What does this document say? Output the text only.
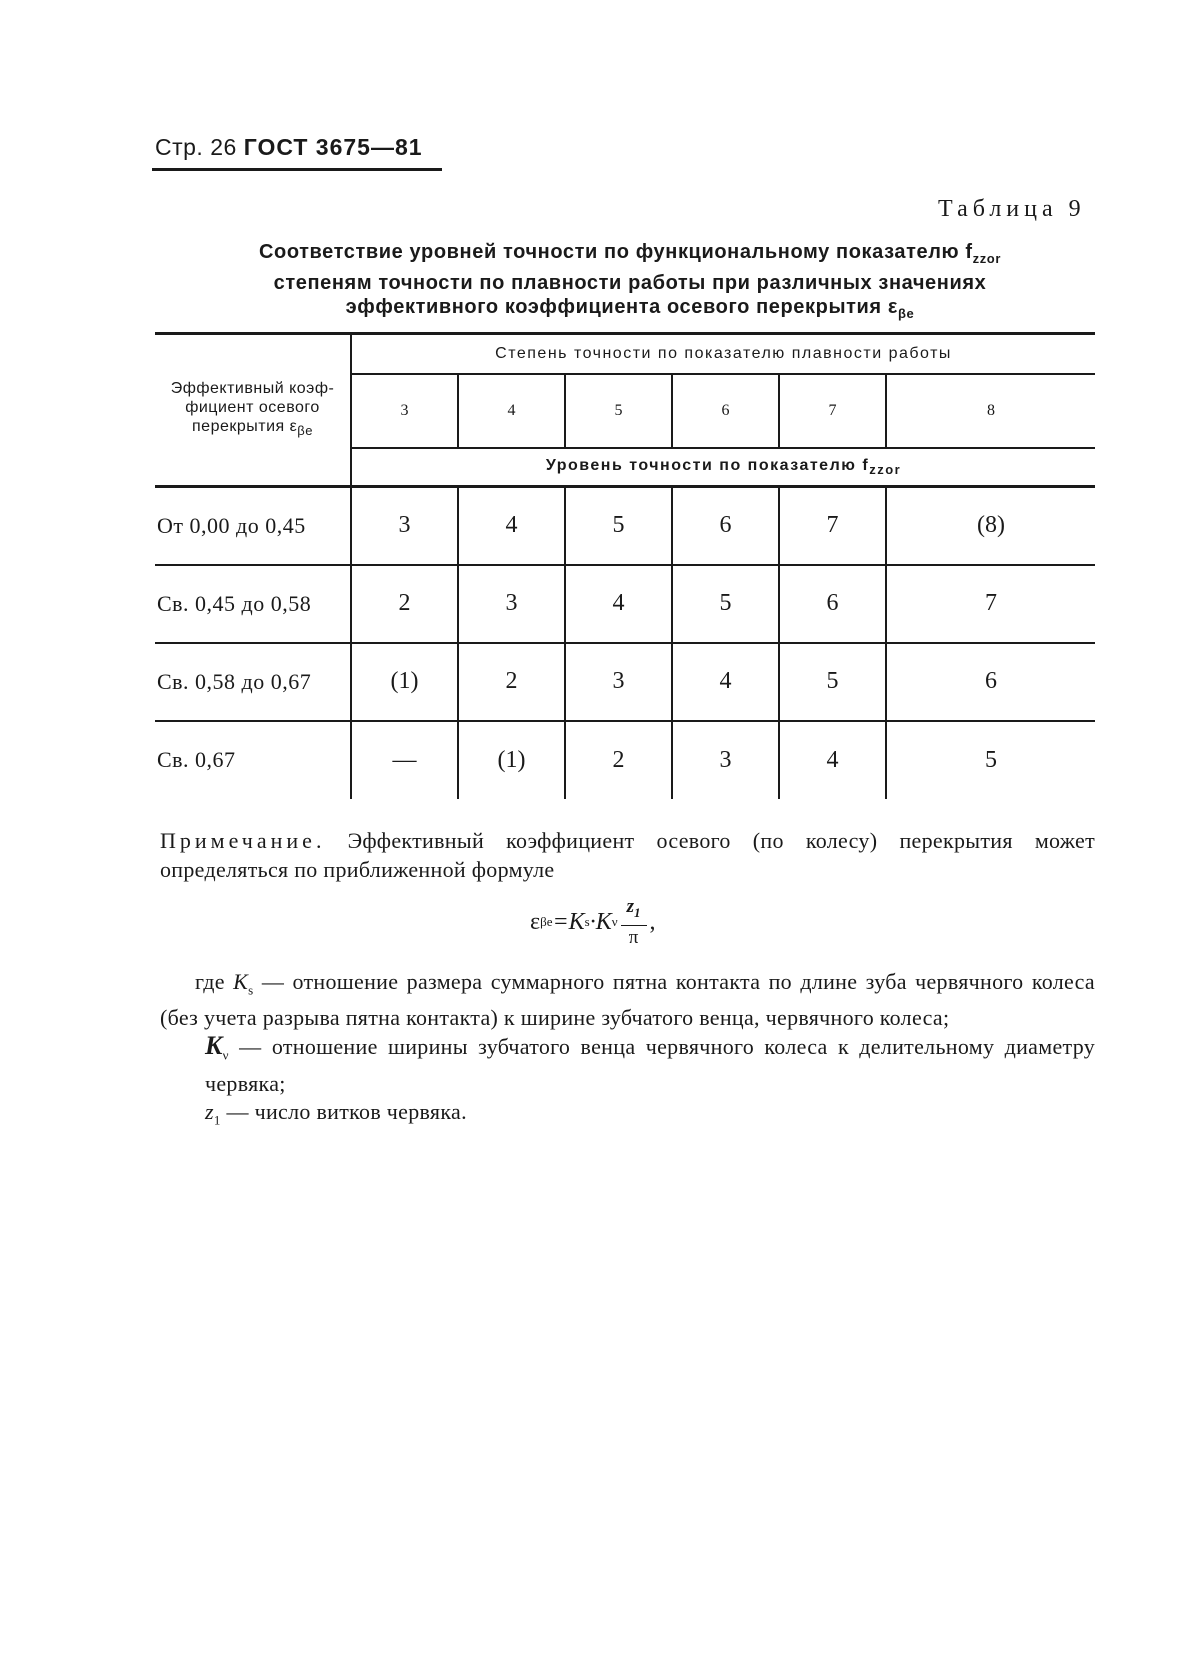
Стр. 26 ГОСТ 3675—81
Таблица 9
Соответствие уровней точности по функциональному показателю $f_{zzor}$
степеням точности по плавности работы при различных значениях
эффективного коэффициента осевого перекрытия $\varepsilon_{\beta e}$
Эффективный коэф-фициент осевого перекрытия $\varepsilon_{\beta e}$	Степень точности по показателю плавности работы					
	3	4	5	6	7	8
	Уровень точности по показателю $f_{zzor}$
От 0,00 до 0,45	3	4	5	6	7	(8)
Св. 0,45 до 0,58	2	3	4	5	6	7
Св. 0,58 до 0,67	(1)	2	3	4	5	6
Св. 0,67	—	(1)	2	3	4	5

Примечание. Эффективный коэффициент осевого (по колесу) перекрытия может определяться по приближенной формуле

ε βe =K s ·K ν $\frac{z_1}{\pi}$ ,

где $K_s$ — отношение размера суммарного пятна контакта по длине зуба червячного колеса (без учета разрыва пятна контакта) к ширине зубчатого венца, червячного колеса;

$K_\nu$ — отношение ширины зубчатого венца червячного колеса к делительному диаметру червяка;

$z_1$ — число витков червяка.
